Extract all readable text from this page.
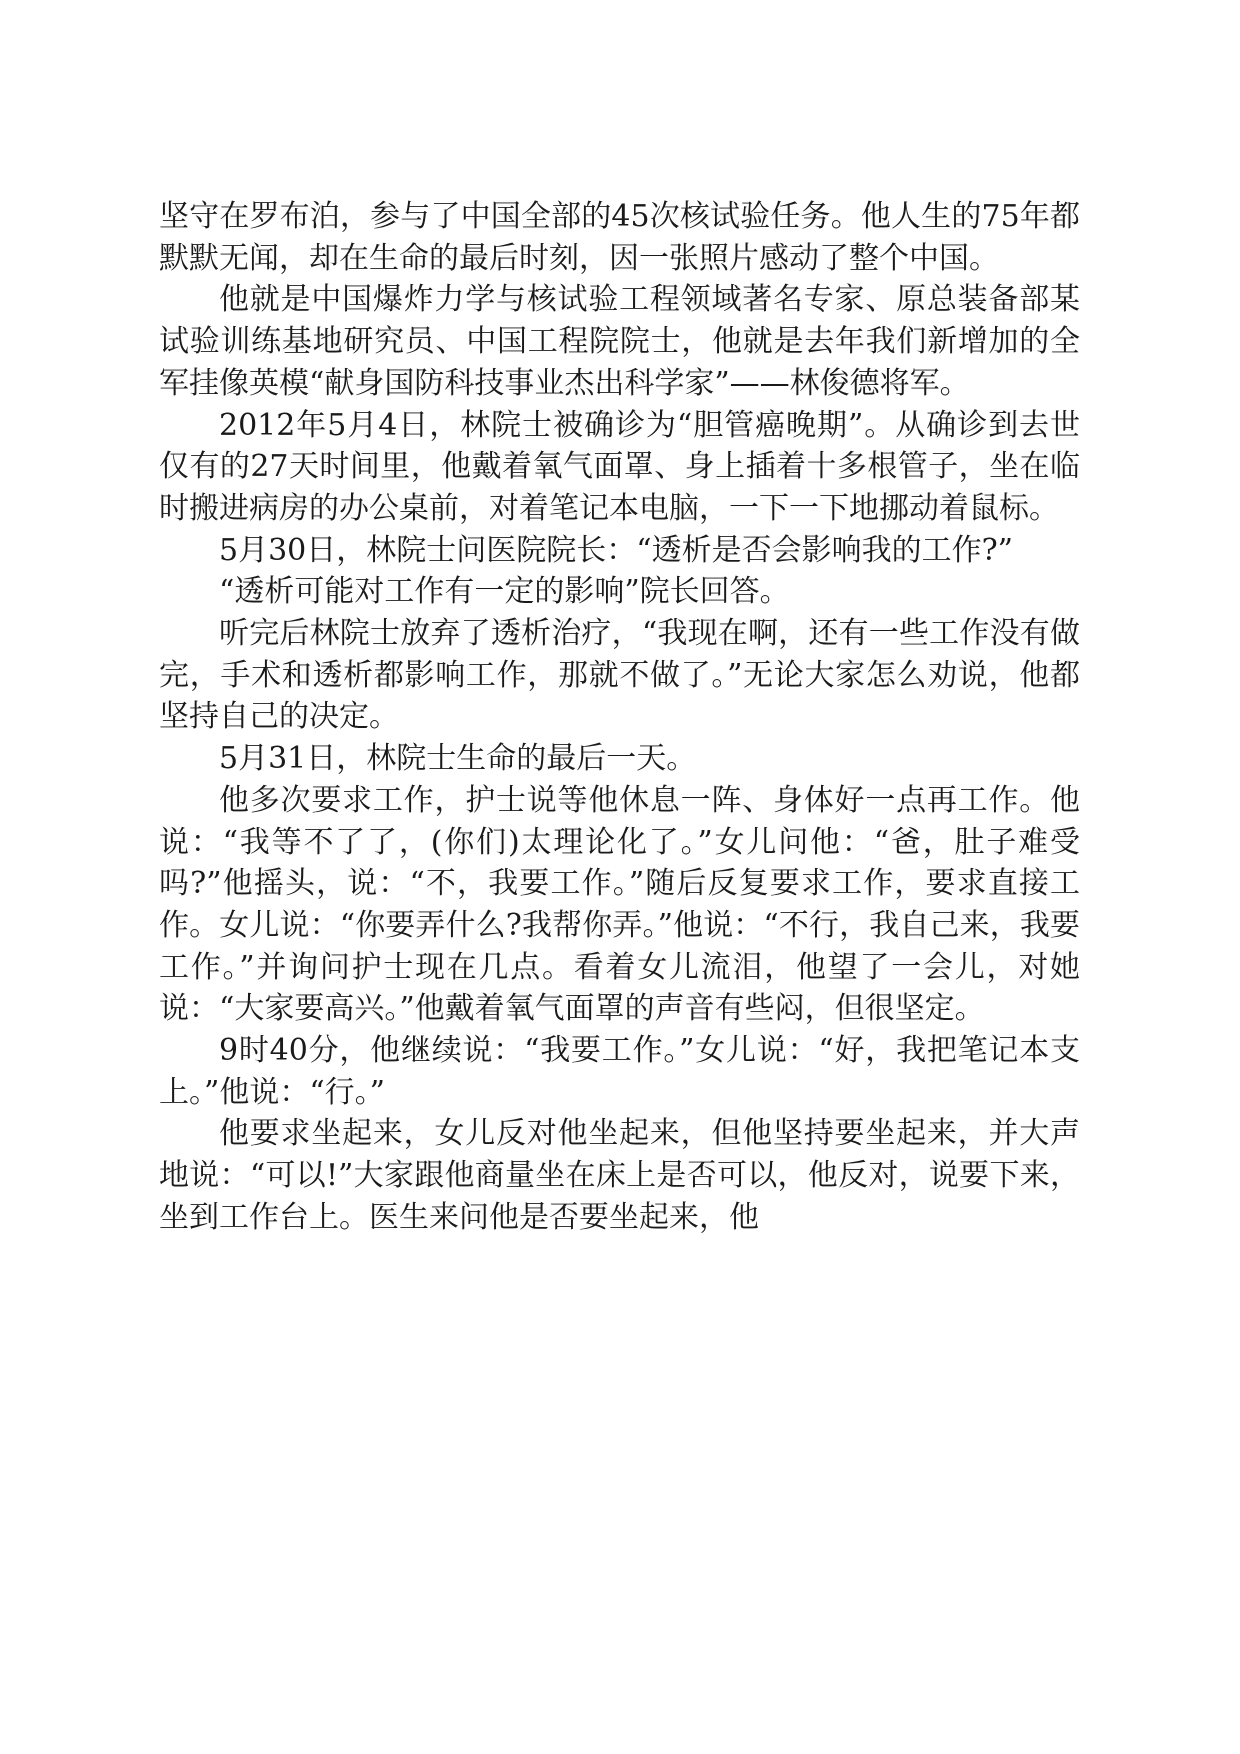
坚守在罗布泊，参与了中国全部的45次核试验任务。他人生的75年都默默无闻，却在生命的最后时刻，因一张照片感动了整个中国。

他就是中国爆炸力学与核试验工程领域著名专家、原总装备部某试验训练基地研究员、中国工程院院士，他就是去年我们新增加的全军挂像英模“献身国防科技事业杰出科学家”——林俊德将军。

2012年5月4日，林院士被确诊为“胆管癌晚期”。从确诊到去世仅有的27天时间里，他戴着氧气面罩、身上插着十多根管子，坐在临时搬进病房的办公桌前，对着笔记本电脑，一下一下地挪动着鼠标。

5月30日，林院士问医院院长：“透析是否会影响我的工作?”

“透析可能对工作有一定的影响”院长回答。

听完后林院士放弃了透析治疗，“我现在啊，还有一些工作没有做完，手术和透析都影响工作，那就不做了。”无论大家怎么劝说，他都坚持自己的决定。

5月31日，林院士生命的最后一天。

他多次要求工作，护士说等他休息一阵、身体好一点再工作。他说：“我等不了了，(你们)太理论化了。”女儿问他：“爸，肚子难受吗?”他摇头，说：“不，我要工作。”随后反复要求工作，要求直接工作。女儿说：“你要弄什么?我帮你弄。”他说：“不行，我自己来，我要工作。”并询问护士现在几点。看着女儿流泪，他望了一会儿，对她说：“大家要高兴。”他戴着氧气面罩的声音有些闷，但很坚定。

9时40分，他继续说：“我要工作。”女儿说：“好，我把笔记本支上。”他说：“行。”

他要求坐起来，女儿反对他坐起来，但他坚持要坐起来，并大声地说：“可以!”大家跟他商量坐在床上是否可以，他反对，说要下来，坐到工作台上。医生来问他是否要坐起来，他
